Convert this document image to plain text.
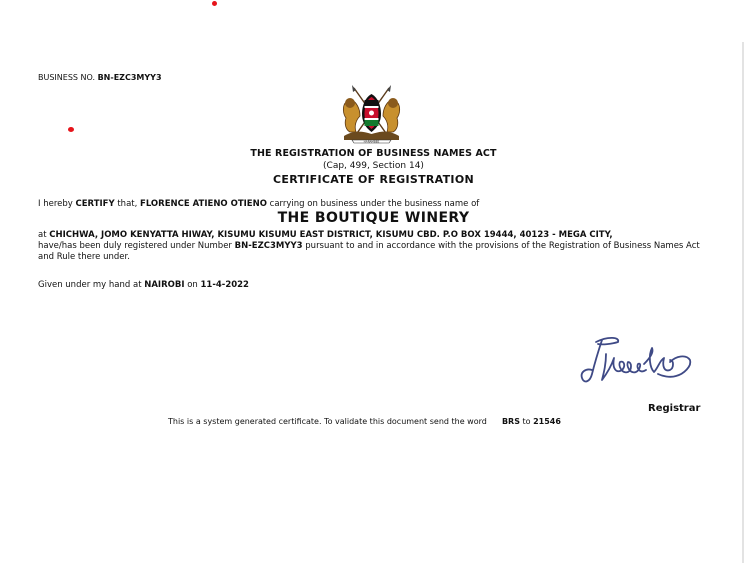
BUSINESS NO. BN-EZC3MYY3
HARAMBEE
THE REGISTRATION OF BUSINESS NAMES ACT
(Cap, 499, Section 14)
CERTIFICATE OF REGISTRATION
I hereby CERTIFY that, FLORENCE ATIENO OTIENO carrying on business under the business name of
THE BOUTIQUE WINERY
at CHICHWA, JOMO KENYATTA HIWAY, KISUMU KISUMU EAST DISTRICT, KISUMU CBD. P.O BOX 19444, 40123 - MEGA CITY,
have/has been duly registered under Number BN-EZC3MYY3 pursuant to and in accordance with the provisions of the Registration of Business Names Act and Rule there under.
Given under my hand at NAIROBI on 11-4-2022
Registrar
This is a system generated certificate. To validate this document send the word BRS to 21546
